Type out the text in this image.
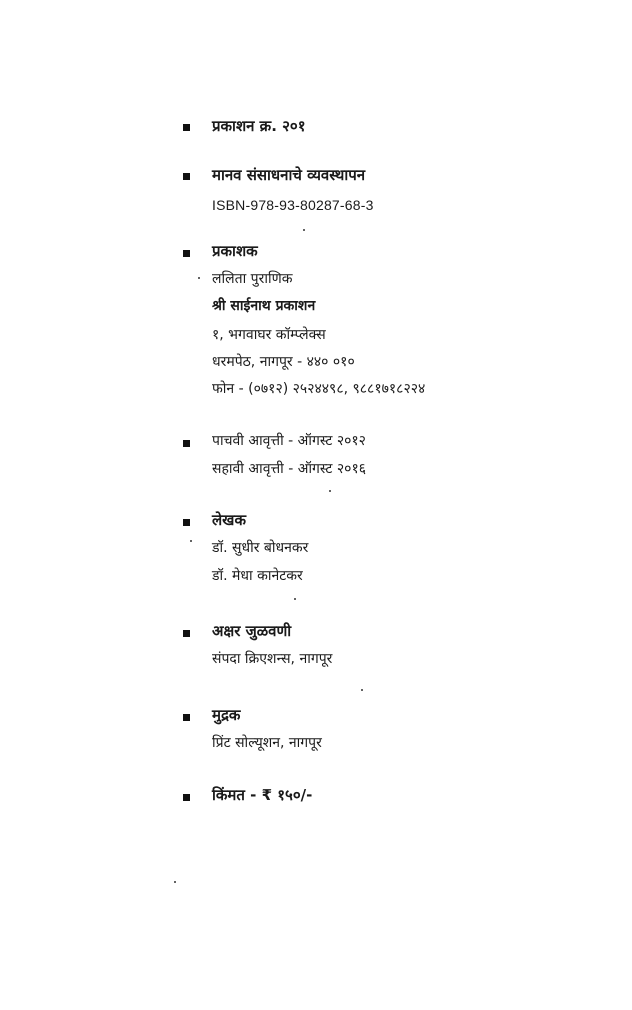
प्रकाशन क्र. २०१
मानव संसाधनाचे व्यवस्थापन
ISBN-978-93-80287-68-3
प्रकाशक
ललिता पुराणिक
श्री साईनाथ प्रकाशन
१, भगवाघर कॉम्प्लेक्स
धरमपेठ, नागपूर - ४४० ०१०
फोन - (०७१२) २५२४४९८, ९८८१७१८२२४
पाचवी आवृत्ती - ऑगस्ट २०१२
सहावी आवृत्ती - ऑगस्ट २०१६
लेखक
डॉ. सुधीर बोधनकर
डॉ. मेधा कानेटकर
अक्षर जुळवणी
संपदा क्रिएशन्स, नागपूर
मुद्रक
प्रिंट सोल्यूशन, नागपूर
किंमत - ₹ १५०/-
